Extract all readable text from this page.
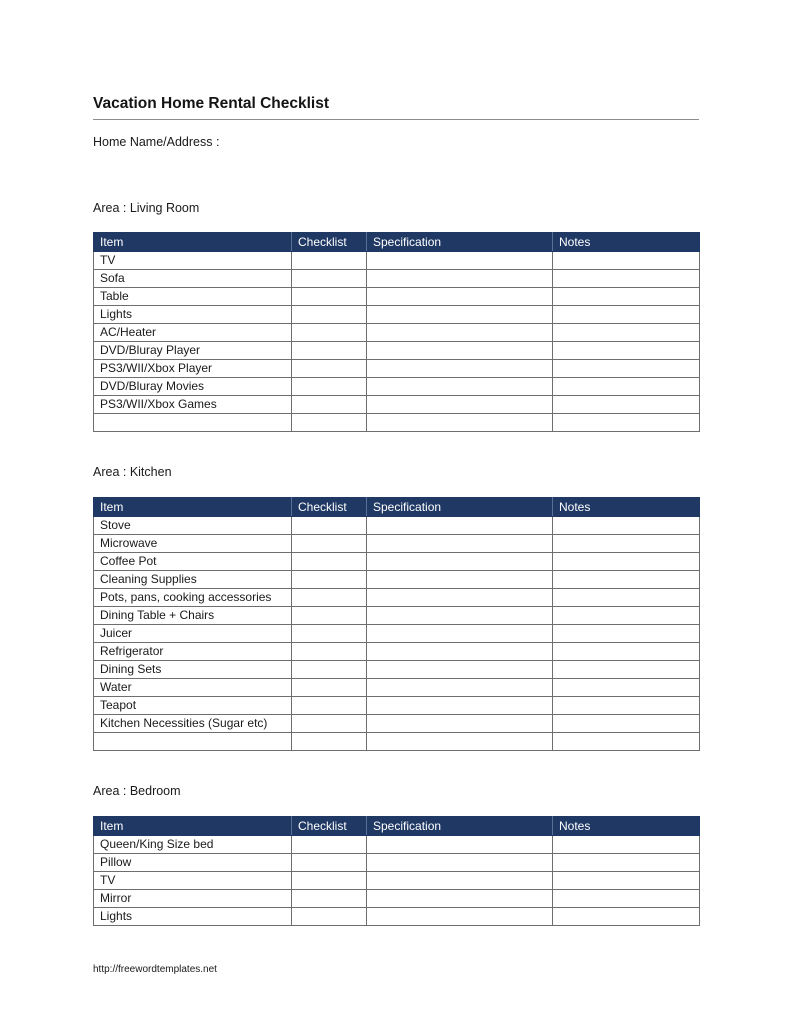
Vacation Home Rental Checklist
Home Name/Address :
Area : Living Room
Item	Checklist	Specification	Notes
TV			
Sofa			
Table			
Lights			
AC/Heater			
DVD/Bluray Player			
PS3/WII/Xbox Player			
DVD/Bluray Movies			
PS3/WII/Xbox Games			

Area : Kitchen
Item	Checklist	Specification	Notes
Stove			
Microwave			
Coffee Pot			
Cleaning Supplies			
Pots, pans, cooking accessories			
Dining Table + Chairs			
Juicer			
Refrigerator			
Dining Sets			
Water			
Teapot			
Kitchen Necessities (Sugar etc)			

Area : Bedroom
Item	Checklist	Specification	Notes
Queen/King Size bed			
Pillow			
TV			
Mirror			
Lights			
http://freewordtemplates.net
